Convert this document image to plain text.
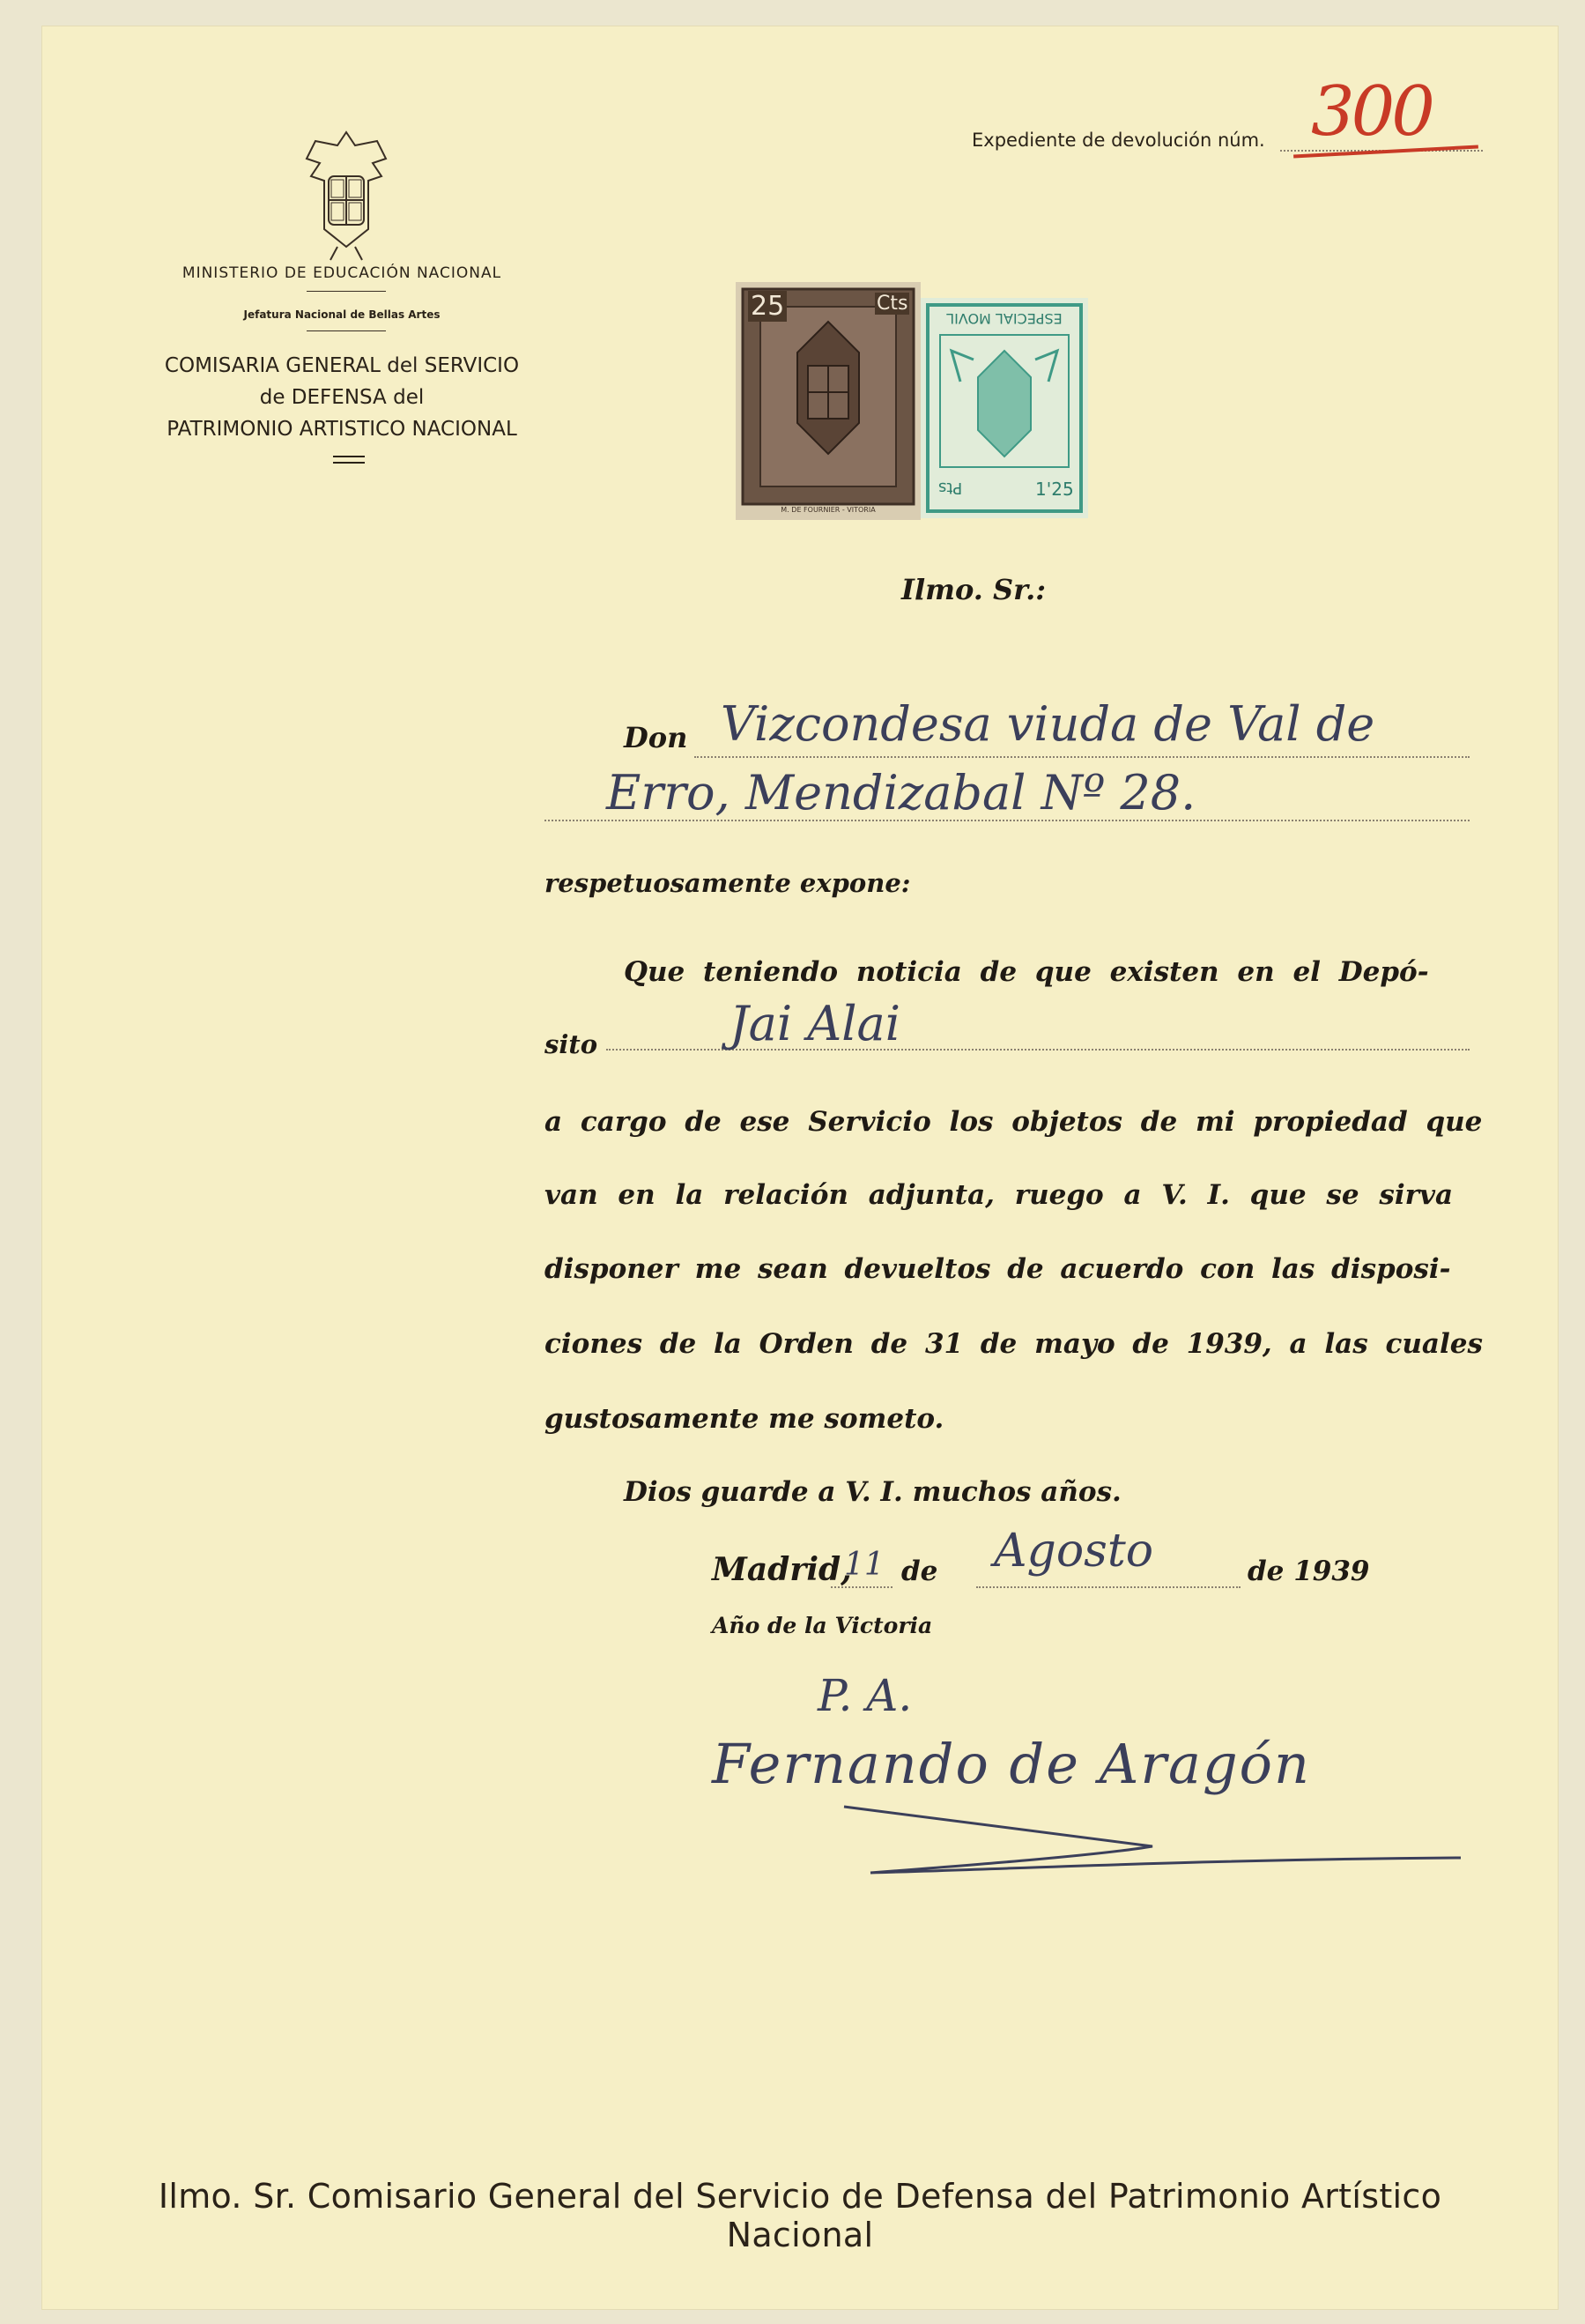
MINISTERIO DE EDUCACIÓN NACIONAL
Jefatura Nacional de Bellas Artes
COMISARIA GENERAL del SERVICIO
de DEFENSA del
PATRIMONIO ARTISTICO NACIONAL
Expediente de devolución núm. 300
25	Cts
M. DE FOURNIER - VITORIA
ESPECIAL MOVIL
1'25
Pts
Ilmo. Sr.:
Don Vizcondesa viuda de Val de
Erro, Mendizabal Nº 28.
respetuosamente expone:
Que teniendo noticia de que existen en el Depó-
sito	Jai Alai
a cargo de ese Servicio los objetos de mi propiedad que
van en la relación adjunta, ruego a V. I. que se sirva
disponer me sean devueltos de acuerdo con las disposi-
ciones de la Orden de 31 de mayo de 1939, a las cuales
gustosamente me someto.
Dios guarde a V. I. muchos años.
Madrid,
11 de Agosto	de 1939
Año de la Victoria
P. A.
Fernando de Aragón
Ilmo. Sr. Comisario General del Servicio de Defensa del Patrimonio Artístico Nacional
